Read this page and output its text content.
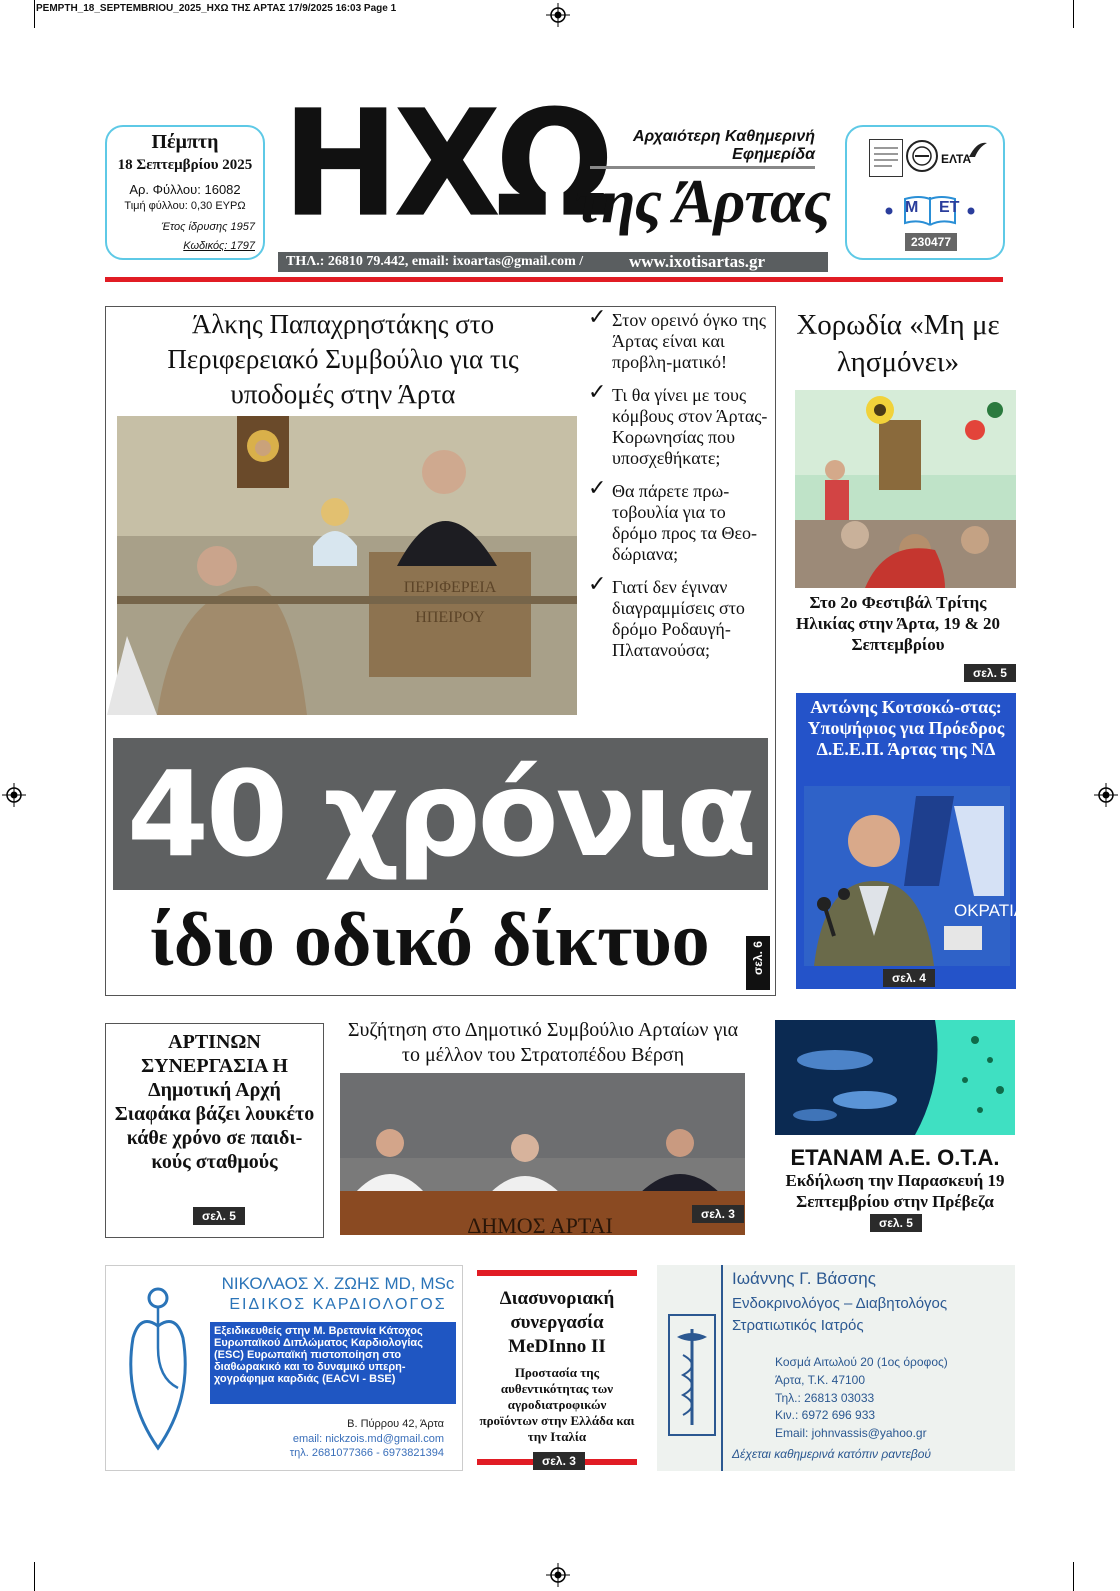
PEMPTH_18_SEPTEMBRIOU_2025_ΗΧΩ ΤΗΣ ΑΡΤΑΣ 17/9/2025 16:03 Page 1
Πέμπτη
18 Σεπτεμβρίου 2025
Αρ. Φύλλου: 16082
Τιμή φύλλου: 0,30 ΕΥΡΩ
Έτος ίδρυσης 1957
Κωδικός: 1797 ΗΧΩ	Αρχαιότερη Καθημερινή Εφημερίδα
της Άρτας
ΤΗΛ.: 26810 79.442, email: ixoartas@gmail.com /	www.ixotisartas.gr
ΕΛΤΑ
Μ ΕΤ
230477
Άλκης Παπαχρηστάκης στο Περιφερειακό Συμβούλιο για τις υποδομές στην Άρτα
ΠΕΡΙΦΕΡΕΙΑ
ΗΠΕΙΡΟΥ
✓ Στον ορεινό όγκο της Άρτας είναι και προβλη-ματικό!
✓ Τι θα γίνει με τους κόμβους στον Άρτας-Κορωνησίας που υποσχεθήκατε;
✓ Θα πάρετε πρω-τοβουλία για το δρόμο προς τα Θεο-δώριανα;
✓ Γιατί δεν έγιναν διαγραμμίσεις στο δρόμο Ροδαυγή-Πλατανούσα;
40 χρόνια
ίδιο οδικό δίκτυο	σελ. 6
Χορωδία «Μη με λησμόνει»
Στο 2ο Φεστιβάλ Τρίτης Ηλικίας στην Άρτα, 19 & 20 Σεπτεμβρίου
σελ. 5
Αντώνης Κοτσοκώ-στας: Υποψήφιος για Πρόεδρος Δ.Ε.Ε.Π. Άρτας της ΝΔ
ΟΚΡΑΤΙΑ
σελ. 4
ΑΡΤΙΝΩΝ ΣΥΝΕΡΓΑΣΙΑ Η Δημοτική Αρχή Σιαφάκα βάζει λουκέτο κάθε χρόνο σε παιδι-κούς σταθμούς
σελ. 5
Συζήτηση στο Δημοτικό Συμβούλιο Αρταίων για το μέλλον του Στρατοπέδου Βέρση
ΔΗΜΟΣ ΑΡΤΑΙ	σελ. 3
ΕΤΑΝΑΜ Α.Ε. Ο.Τ.Α.
Εκδήλωση την Παρασκευή 19 Σεπτεμβρίου στην Πρέβεζα
σελ. 5
ΝΙΚΟΛΑΟΣ Χ. ΖΩΗΣ MD, MSc
ΕΙΔΙΚΟΣ ΚΑΡΔΙΟΛΟΓΟΣ
Εξειδικευθείς στην Μ. Βρετανία Κάτοχος Ευρωπαϊκού Διπλώματος Καρδιολογίας (ESC) Ευρωπαϊκή πιστοποίηση στο διαθωρακικό και το δυναμικό υπερη-χογράφημα καρδιάς (EACVI - BSE)
Β. Πύρρου 42, Άρτα
email: nickzois.md@gmail.com
τηλ. 2681077366 - 6973821394
Διασυνοριακή συνεργασία MeDInno II
Προστασία της αυθεντικότητας των αγροδιατροφικών προϊόντων στην Ελλάδα και την Ιταλία
σελ. 3
Ιωάννης Γ. Βάσσης
Ενδοκρινολόγος – Διαβητολόγος
Στρατιωτικός Ιατρός
Κοσμά Αιτωλού 20 (1ος όροφος)
Άρτα, Τ.Κ. 47100
Τηλ.: 26813 03033
Κιν.: 6972 696 933
Email: johnvassis@yahoo.gr
Δέχεται καθημερινά κατόπιν ραντεβού
